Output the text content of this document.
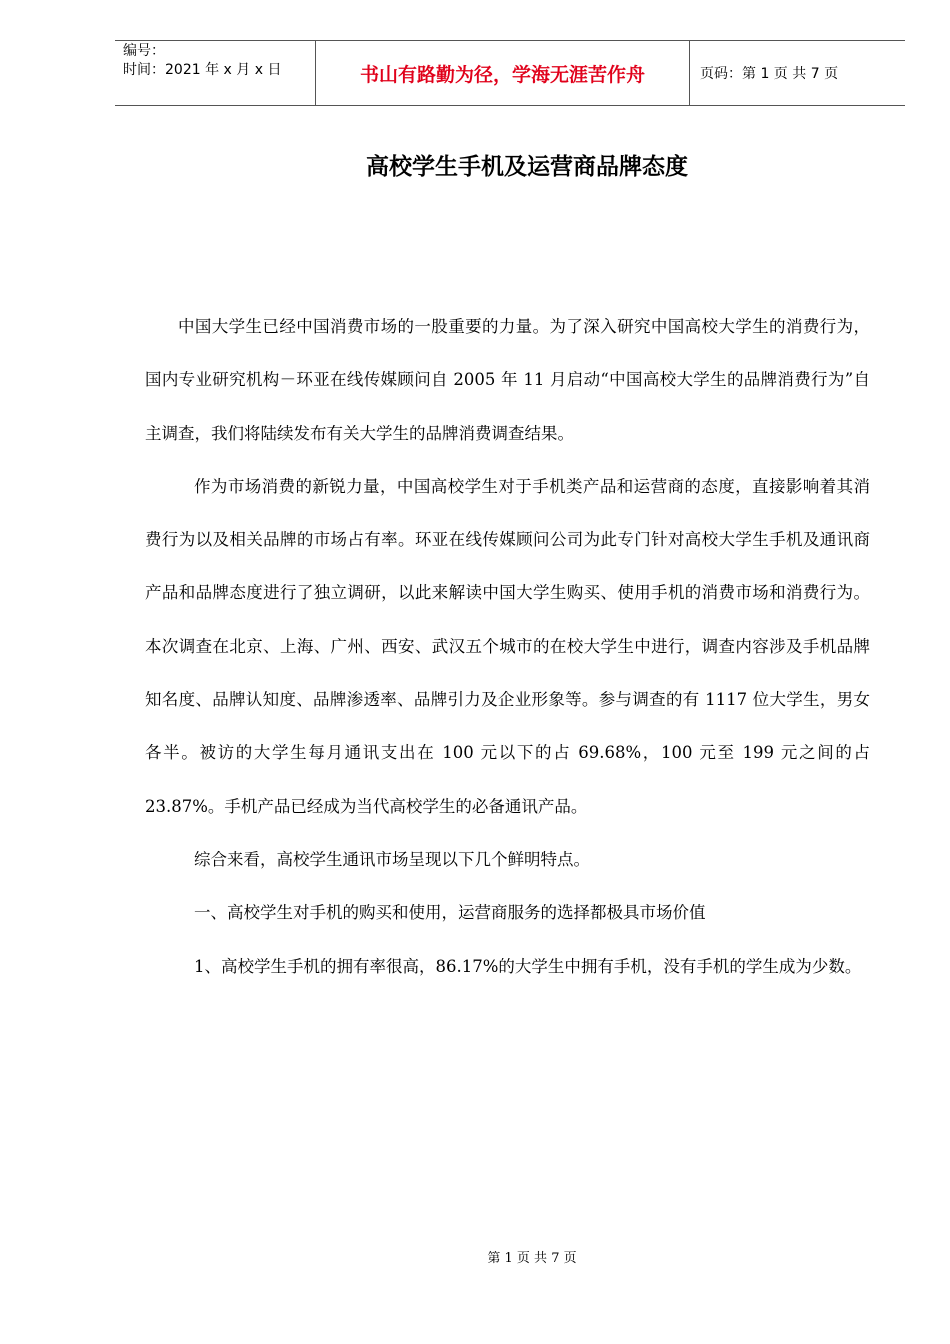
编号：
时间：2021 年 x 月 x 日	书山有路勤为径，学海无涯苦作舟	页码：第 1 页 共 7 页
高校学生手机及运营商品牌态度

中国大学生已经中国消费市场的一股重要的力量。为了深入研究中国高校大学生的消费行为，国内专业研究机构－环亚在线传媒顾问自 2005 年 11 月启动“中国高校大学生的品牌消费行为”自主调查，我们将陆续发布有关大学生的品牌消费调查结果。

作为市场消费的新锐力量，中国高校学生对于手机类产品和运营商的态度，直接影响着其消费行为以及相关品牌的市场占有率。环亚在线传媒顾问公司为此专门针对高校大学生手机及通讯商产品和品牌态度进行了独立调研，以此来解读中国大学生购买、使用手机的消费市场和消费行为。本次调查在北京、上海、广州、西安、武汉五个城市的在校大学生中进行，调查内容涉及手机品牌知名度、品牌认知度、品牌渗透率、品牌引力及企业形象等。参与调查的有 1117 位大学生，男女各半。被访的大学生每月通讯支出在 100 元以下的占 69.68%，100 元至 199 元之间的占 23.87%。手机产品已经成为当代高校学生的必备通讯产品。

综合来看，高校学生通讯市场呈现以下几个鲜明特点。

一、高校学生对手机的购买和使用，运营商服务的选择都极具市场价值

1、高校学生手机的拥有率很高，86.17%的大学生中拥有手机，没有手机的学生成为少数。

第 1 页 共 7 页
